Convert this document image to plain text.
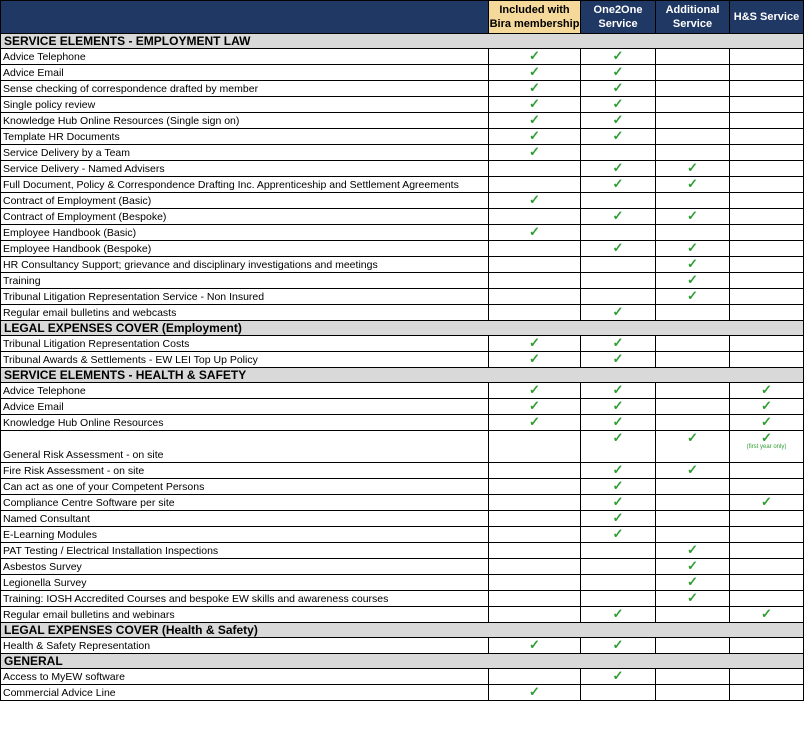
	Included with Bira membership	One2One Service	Additional Service	H&S Service
SERVICE ELEMENTS - EMPLOYMENT LAW				
Advice Telephone	✓	✓		
Advice Email	✓	✓		
Sense checking of correspondence drafted by member	✓	✓		
Single policy review	✓	✓		
Knowledge Hub Online Resources (Single sign on)	✓	✓		
Template HR Documents	✓	✓		
Service Delivery by a Team	✓			
Service Delivery - Named Advisers		✓	✓	
Full Document, Policy & Correspondence Drafting Inc. Apprenticeship and Settlement Agreements		✓	✓	
Contract of Employment (Basic)	✓			
Contract of Employment (Bespoke)		✓	✓	
Employee Handbook (Basic)	✓			
Employee Handbook (Bespoke)		✓	✓	
HR Consultancy Support; grievance and disciplinary investigations and meetings			✓	
Training			✓	
Tribunal Litigation Representation Service - Non Insured			✓	
Regular email bulletins and webcasts		✓		
LEGAL EXPENSES COVER (Employment)				
Tribunal Litigation Representation Costs	✓	✓		
Tribunal Awards & Settlements - EW LEI Top Up Policy	✓	✓		
SERVICE ELEMENTS - HEALTH & SAFETY				
Advice Telephone	✓	✓		✓
Advice Email	✓	✓		✓
Knowledge Hub Online Resources	✓	✓		✓
General Risk Assessment - on site		✓	✓	✓
(first year only)

Fire Risk Assessment - on site		✓	✓	
Can act as one of your Competent Persons		✓		
Compliance Centre Software per site		✓		✓
Named Consultant		✓		
E-Learning Modules		✓		
PAT Testing / Electrical Installation Inspections			✓	
Asbestos Survey			✓	
Legionella Survey			✓	
Training: IOSH Accredited Courses and bespoke EW skills and awareness courses			✓	
Regular email bulletins and webinars		✓		✓
LEGAL EXPENSES COVER (Health & Safety)				
Health & Safety Representation	✓	✓		
GENERAL				
Access to MyEW software		✓		
Commercial Advice Line	✓			
